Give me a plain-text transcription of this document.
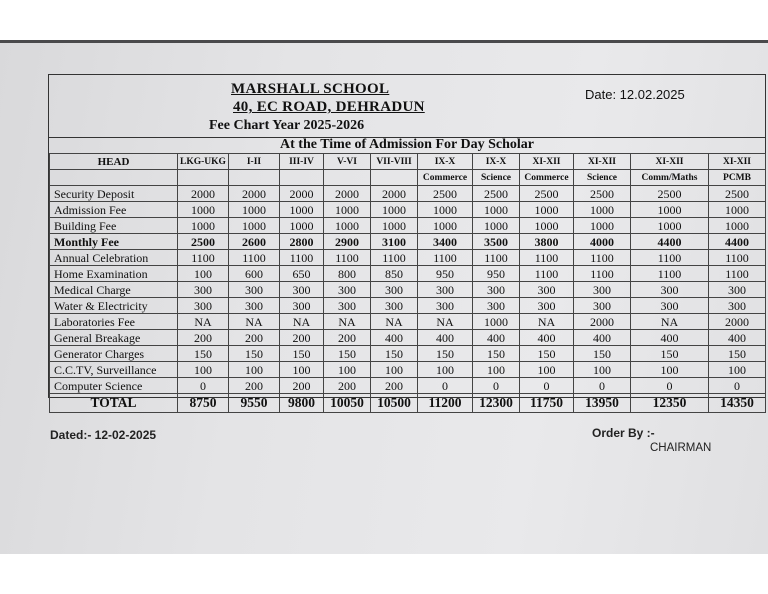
MARSHALL SCHOOL
40, EC ROAD, DEHRADUN
Fee Chart Year 2025-2026
Date: 12.02.2025
At the Time of Admission For Day Scholar
HEAD	LKG-UKG	I-II	III-IV	V-VI	VII-VIII	IX-X	IX-X	XI-XII	XI-XII	XI-XII	XI-XII
						Commerce	Science	Commerce	Science	Comm/Maths	PCMB
Security Deposit	2000	2000	2000	2000	2000	2500	2500	2500	2500	2500	2500
Admission Fee	1000	1000	1000	1000	1000	1000	1000	1000	1000	1000	1000
Building Fee	1000	1000	1000	1000	1000	1000	1000	1000	1000	1000	1000
Monthly Fee	2500	2600	2800	2900	3100	3400	3500	3800	4000	4400	4400
Annual Celebration	1100	1100	1100	1100	1100	1100	1100	1100	1100	1100	1100
Home Examination	100	600	650	800	850	950	950	1100	1100	1100	1100
Medical Charge	300	300	300	300	300	300	300	300	300	300	300
Water & Electricity	300	300	300	300	300	300	300	300	300	300	300
Laboratories Fee	NA	NA	NA	NA	NA	NA	1000	NA	2000	NA	2000
General Breakage	200	200	200	200	400	400	400	400	400	400	400
Generator Charges	150	150	150	150	150	150	150	150	150	150	150
C.C.TV, Surveillance	100	100	100	100	100	100	100	100	100	100	100
Computer Science	0	200	200	200	200	0	0	0	0	0	0
TOTAL	8750	9550	9800	10050	10500	11200	12300	11750	13950	12350	14350
Dated:- 12-02-2025	Order By :-
CHAIRMAN
